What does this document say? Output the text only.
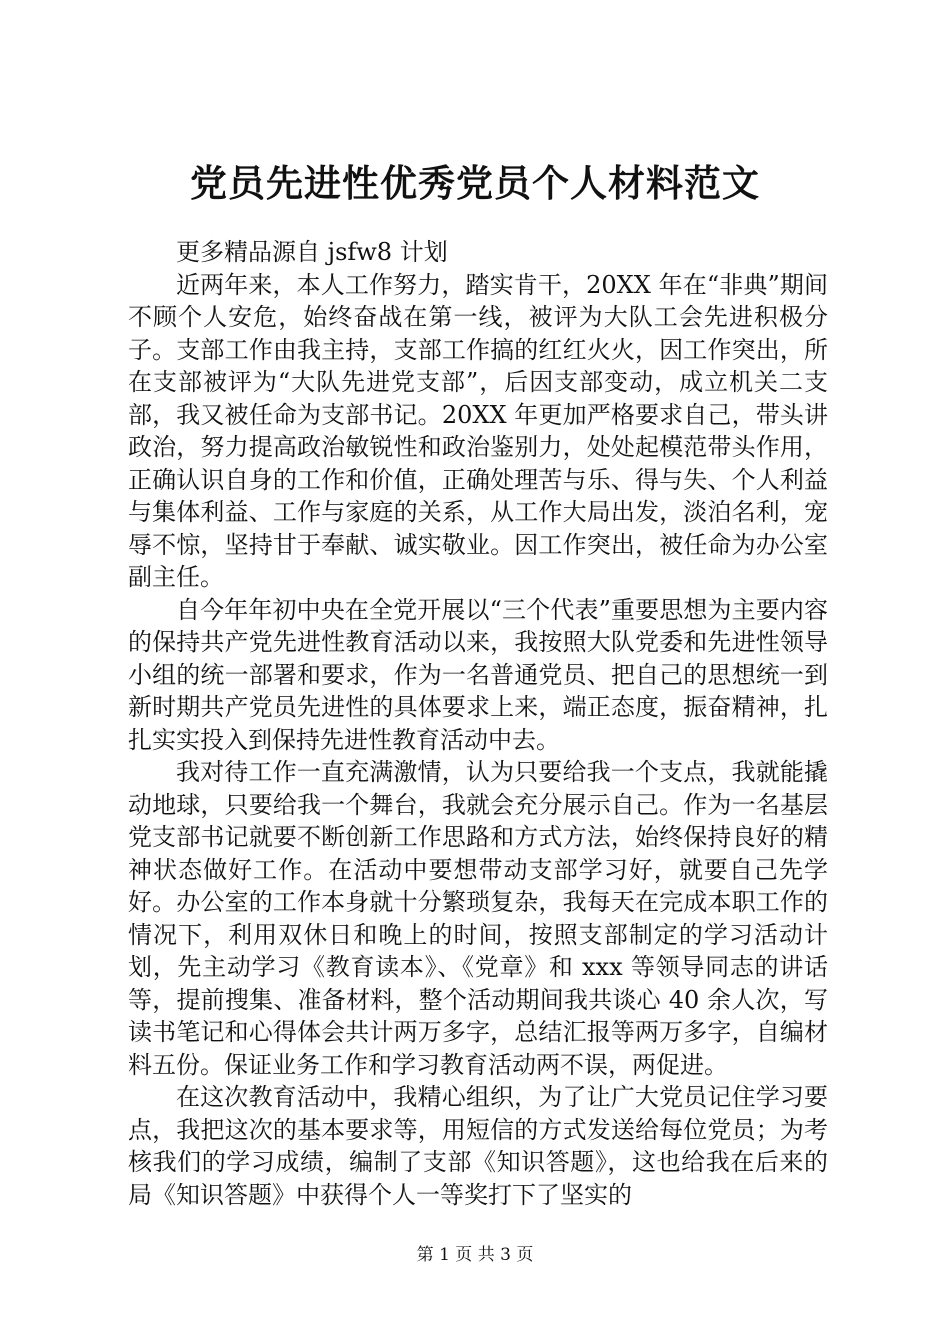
党员先进性优秀党员个人材料范文

更多精品源自 jsfw8 计划

近两年来，本人工作努力，踏实肯干，20XX 年在“非典”期间不顾个人安危，始终奋战在第一线，被评为大队工会先进积极分子。支部工作由我主持，支部工作搞的红红火火，因工作突出，所在支部被评为“大队先进党支部”，后因支部变动，成立机关二支部，我又被任命为支部书记。20XX 年更加严格要求自己，带头讲政治，努力提高政治敏锐性和政治鉴别力，处处起模范带头作用，正确认识自身的工作和价值，正确处理苦与乐、得与失、个人利益与集体利益、工作与家庭的关系，从工作大局出发，淡泊名利，宠辱不惊，坚持甘于奉献、诚实敬业。因工作突出，被任命为办公室副主任。

自今年年初中央在全党开展以“三个代表”重要思想为主要内容的保持共产党先进性教育活动以来，我按照大队党委和先进性领导小组的统一部署和要求，作为一名普通党员、把自己的思想统一到新时期共产党员先进性的具体要求上来，端正态度，振奋精神，扎扎实实投入到保持先进性教育活动中去。

我对待工作一直充满激情，认为只要给我一个支点，我就能撬动地球，只要给我一个舞台，我就会充分展示自己。作为一名基层党支部书记就要不断创新工作思路和方式方法，始终保持良好的精神状态做好工作。在活动中要想带动支部学习好，就要自己先学好。办公室的工作本身就十分繁琐复杂，我每天在完成本职工作的情况下，利用双休日和晚上的时间，按照支部制定的学习活动计划，先主动学习《教育读本》、《党章》和 xxx 等领导同志的讲话等，提前搜集、准备材料，整个活动期间我共谈心 40 余人次，写读书笔记和心得体会共计两万多字，总结汇报等两万多字，自编材料五份。保证业务工作和学习教育活动两不误，两促进。

在这次教育活动中，我精心组织，为了让广大党员记住学习要点，我把这次的基本要求等，用短信的方式发送给每位党员；为考核我们的学习成绩，编制了支部《知识答题》，这也给我在后来的局《知识答题》中获得个人一等奖打下了坚实的

第 1 页 共 3 页
